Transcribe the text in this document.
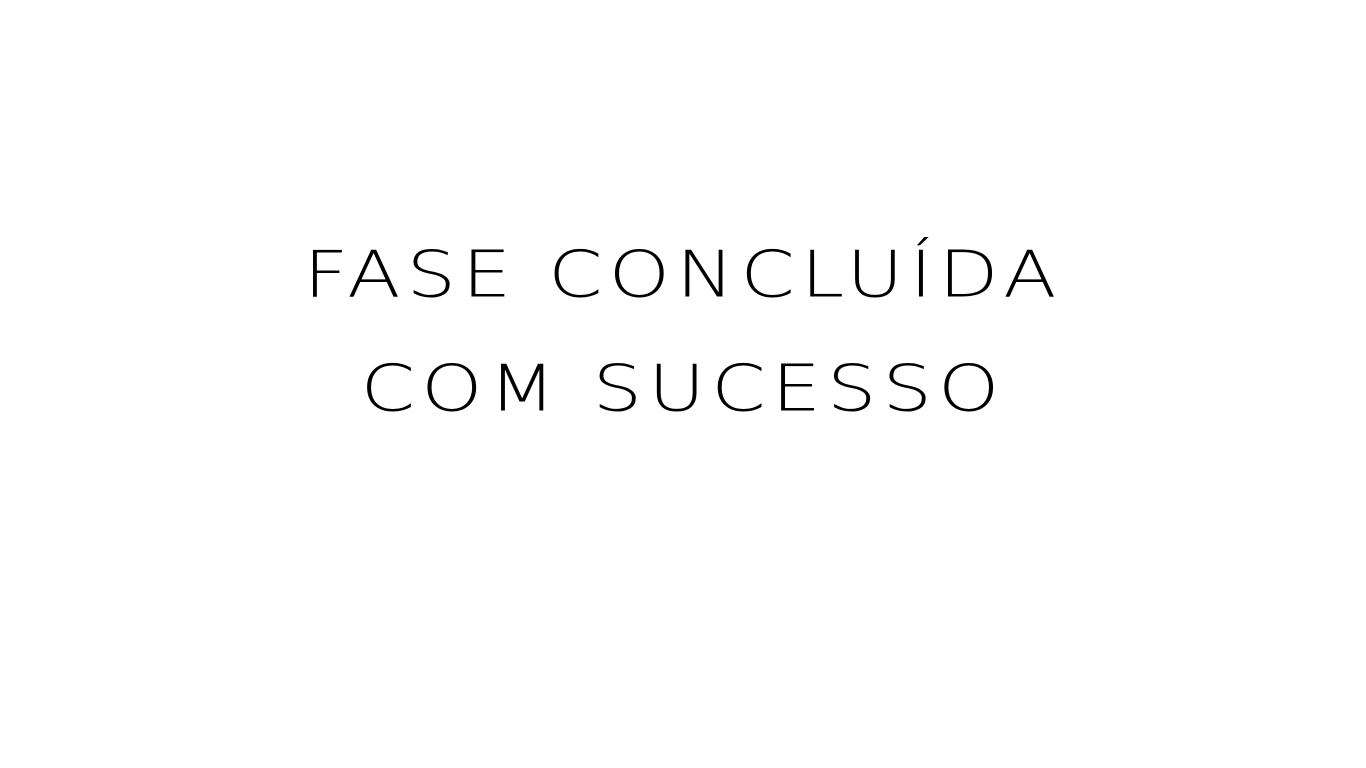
FASE CONCLUÍDA
COM SUCESSO
